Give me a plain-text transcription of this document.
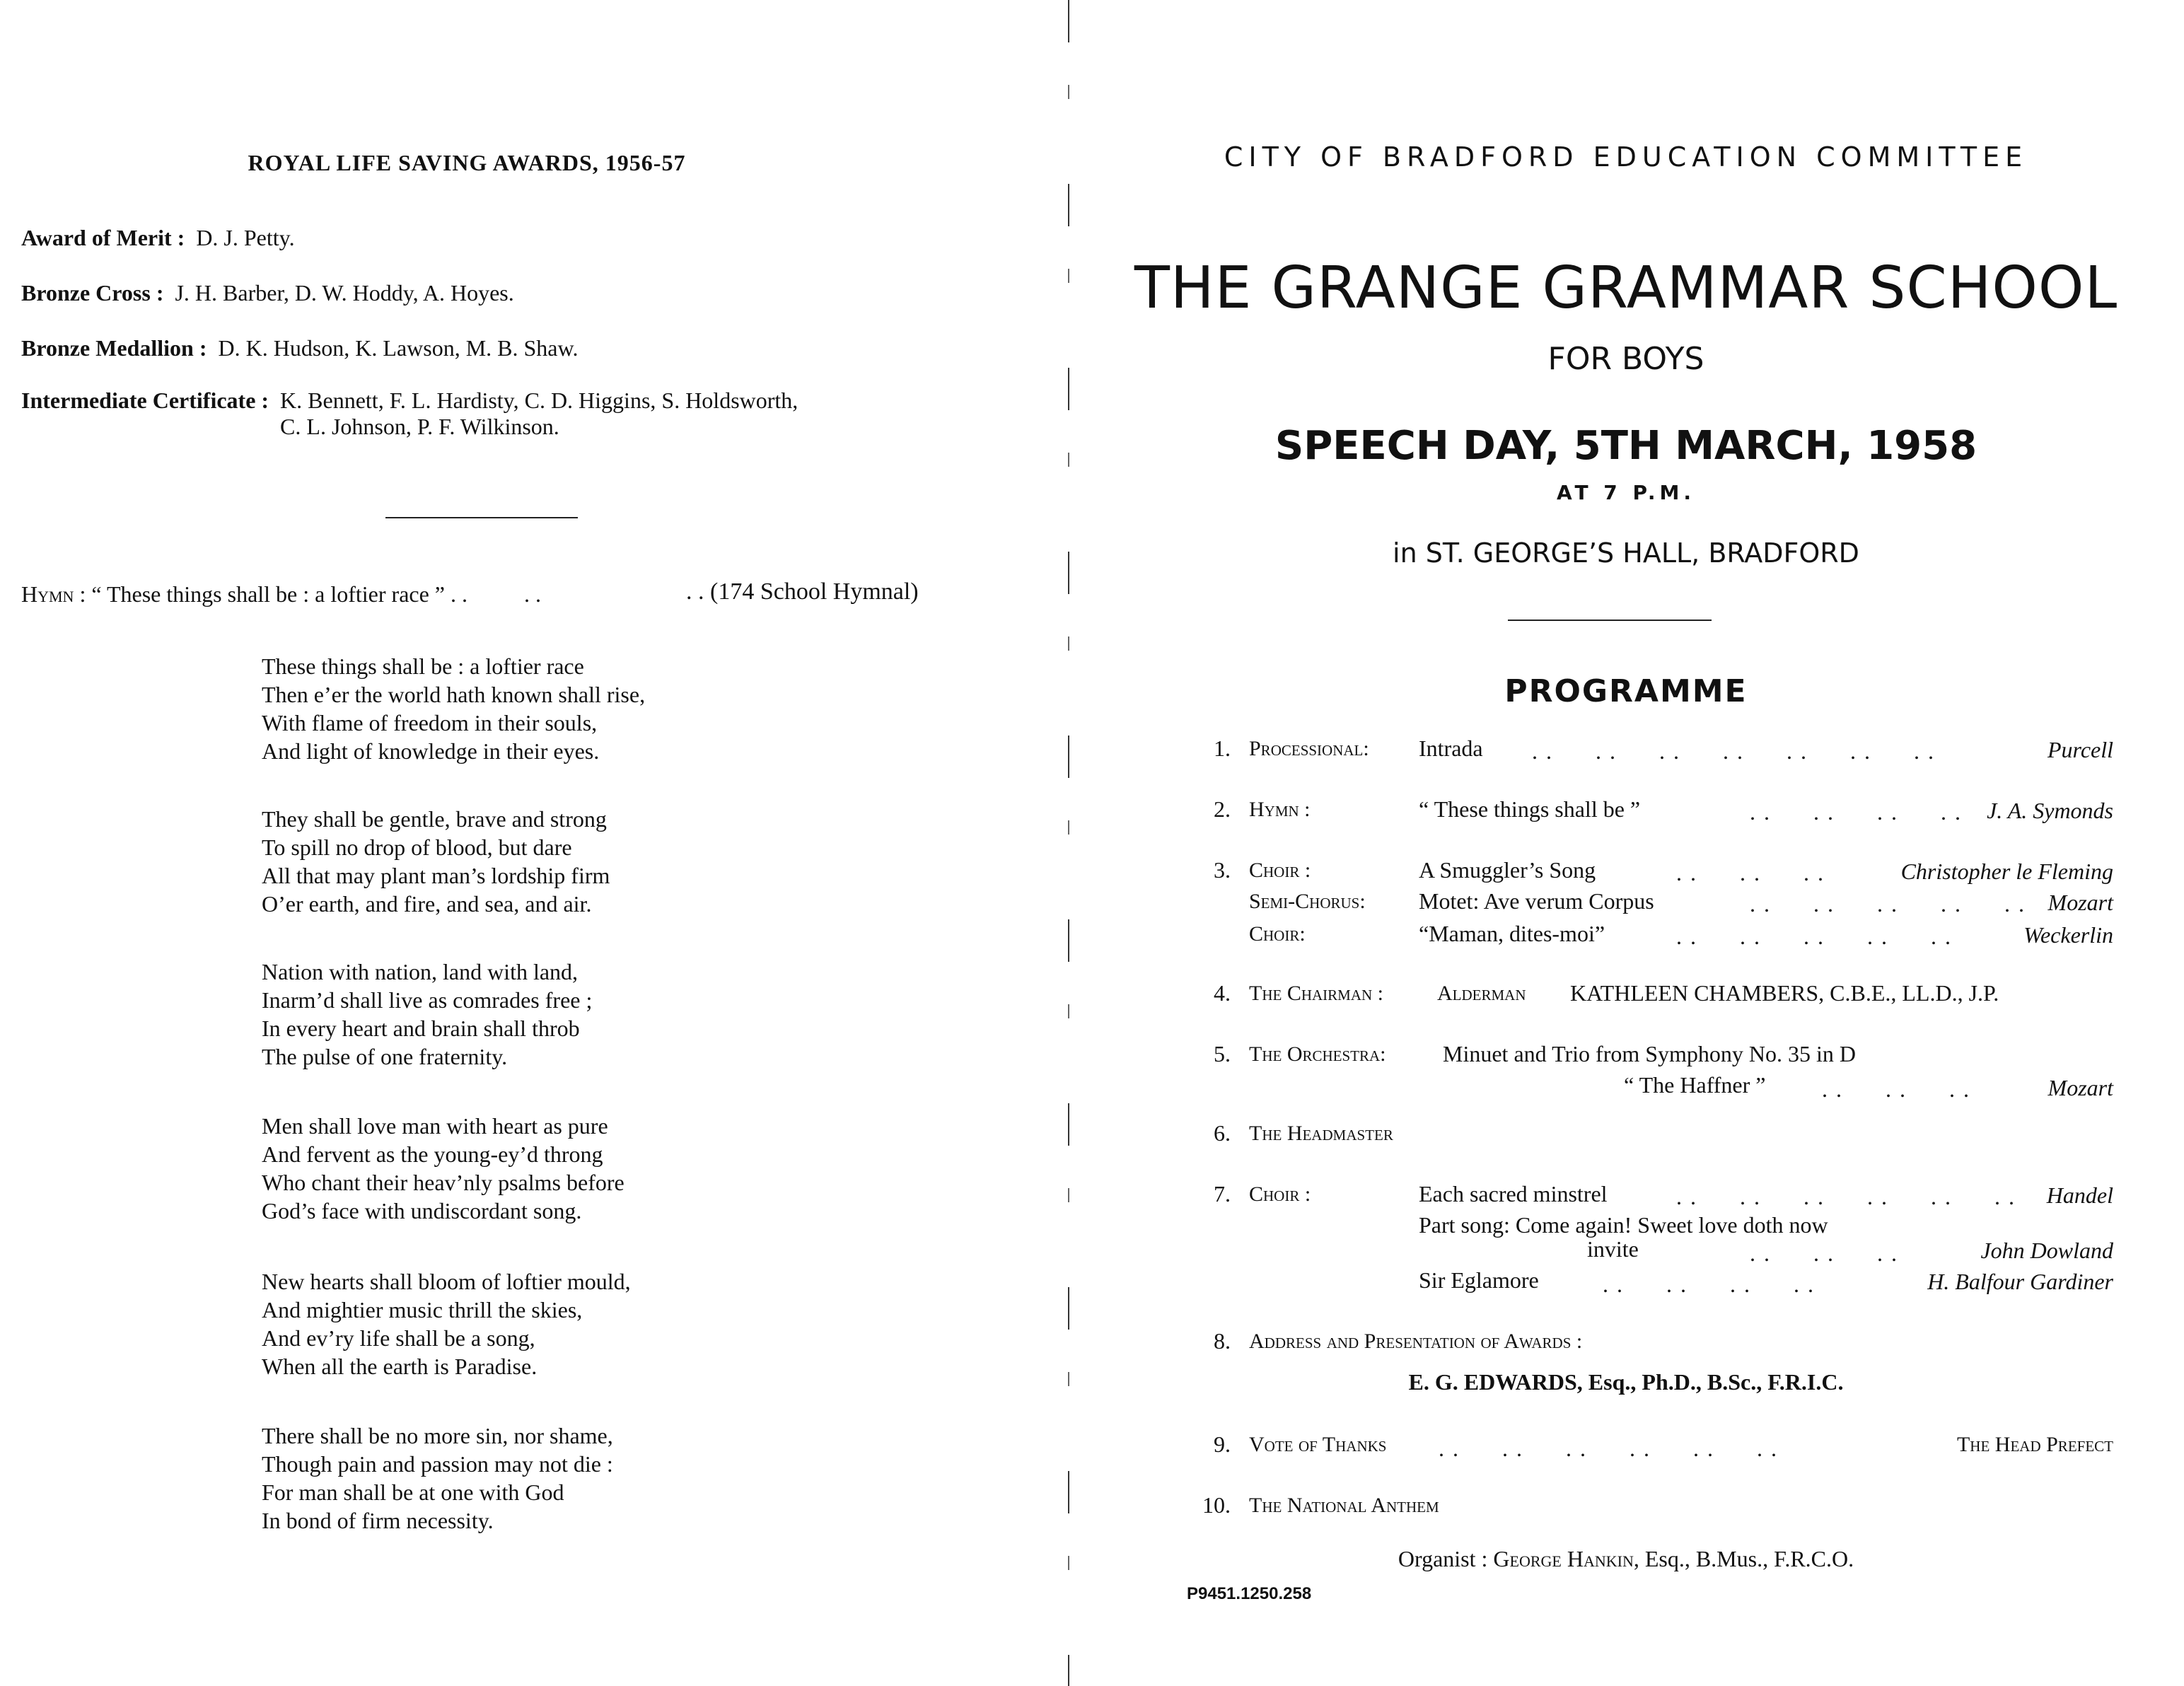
ROYAL LIFE SAVING AWARDS, 1956-57
Award of Merit : D. J. Petty.
Bronze Cross : J. H. Barber, D. W. Hoddy, A. Hoyes.
Bronze Medallion : D. K. Hudson, K. Lawson, M. B. Shaw.
Intermediate Certificate : K. Bennett, F. L. Hardisty, C. D. Higgins, S. Holdsworth,
C. L. Johnson, P. F. Wilkinson.
Hymn : “ These things shall be : a loftier race ” . .          . .	. . (174 School Hymnal)
These things shall be : a loftier race
Then e’er the world hath known shall rise,
With flame of freedom in their souls,
And light of knowledge in their eyes.
They shall be gentle, brave and strong
To spill no drop of blood, but dare
All that may plant man’s lordship firm
O’er earth, and fire, and sea, and air.
Nation with nation, land with land,
Inarm’d shall live as comrades free ;
In every heart and brain shall throb
The pulse of one fraternity.
Men shall love man with heart as pure
And fervent as the young-ey’d throng
Who chant their heav’nly psalms before
God’s face with undiscordant song.
New hearts shall bloom of loftier mould,
And mightier music thrill the skies,
And ev’ry life shall be a song,
When all the earth is Paradise.
There shall be no more sin, nor shame,
Though pain and passion may not die :
For man shall be at one with God
In bond of firm necessity.
CITY OF BRADFORD EDUCATION COMMITTEE
THE GRANGE GRAMMAR SCHOOL
FOR BOYS
SPEECH DAY, 5TH MARCH, 1958
AT 7 P.M.
in ST. GEORGE’S HALL, BRADFORD
PROGRAMME
1. Processional: Intrada . .      . .      . .      . .      . .      . .      . .	Purcell
2. Hymn :	“ These things shall be ”	. .      . .      . .      . . J. A. Symonds
3. Choir :	A Smuggler’s Song	. .      . .      . .	Christopher le Fleming
Semi-Chorus: Motet: Ave verum Corpus	. .      . .      . .      . .      . . Mozart
Choir:	“Maman, dites-moi”	. .      . .      . .      . .      . .	Weckerlin
4. The Chairman :	Alderman KATHLEEN CHAMBERS, C.B.E., LL.D., J.P.
5. The Orchestra:	Minuet and Trio from Symphony No. 35 in D
“ The Haffner ” . .      . .      . .	Mozart
6. The Headmaster
7. Choir :	Each sacred minstrel	. .      . .      . .      . .      . .      . . Handel
Part song: Come again! Sweet love doth now
invite	. .      . .      . .	John Dowland
Sir Eglamore	. .      . .      . .      . .	H. Balfour Gardiner
8. Address and Presentation of Awards :
E. G. EDWARDS, Esq., Ph.D., B.Sc., F.R.I.C.
9. Vote of Thanks . .      . .      . .      . .      . .      . .	The Head Prefect
10. The National Anthem
Organist : George Hankin, Esq., B.Mus., F.R.C.O.
P9451.1250.258
